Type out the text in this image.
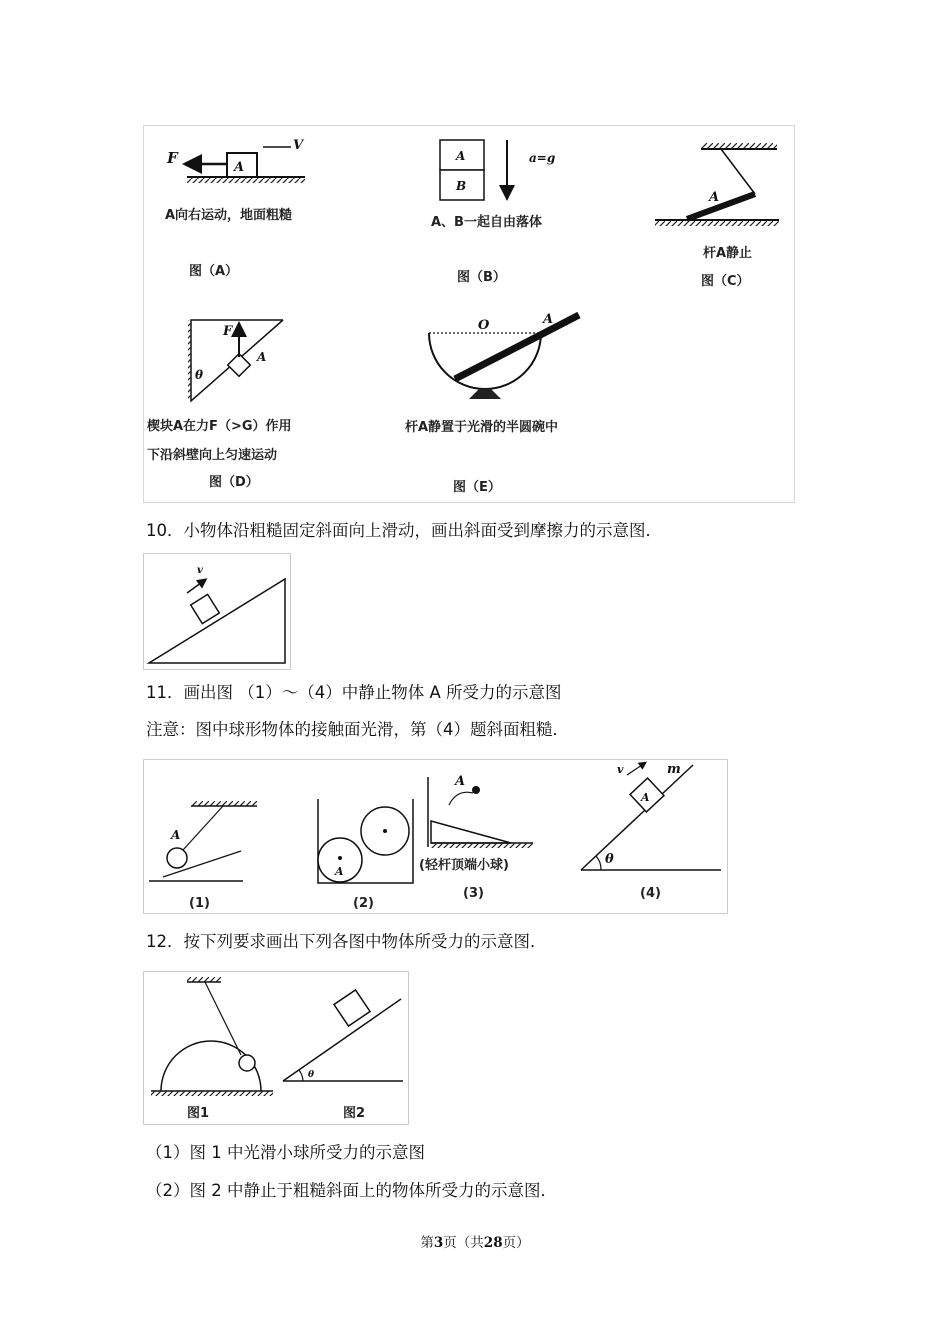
A
F
V
A向右运动，地面粗糙
图（A）
A
B
a=g
A、B一起自由落体
图（B）
A
杆A静止
图（C）
F
A
θ
楔块A在力F（>G）作用
下沿斜壁向上匀速运动
图（D）
O	A
杆A静置于光滑的半圆碗中
图（E）
10．小物体沿粗糙固定斜面向上滑动，画出斜面受到摩擦力的示意图．
v
11．画出图 （1）～（4）中静止物体 A 所受力的示意图
注意：图中球形物体的接触面光滑，第（4）题斜面粗糙．
A
(1)
A
(2)
A
(轻杆顶端小球)
(3)
θ
A
v	m
(4)
12．按下列要求画出下列各图中物体所受力的示意图．
图1
θ
图2
（1）图 1 中光滑小球所受力的示意图
（2）图 2 中静止于粗糙斜面上的物体所受力的示意图．
第3页（共28页）
